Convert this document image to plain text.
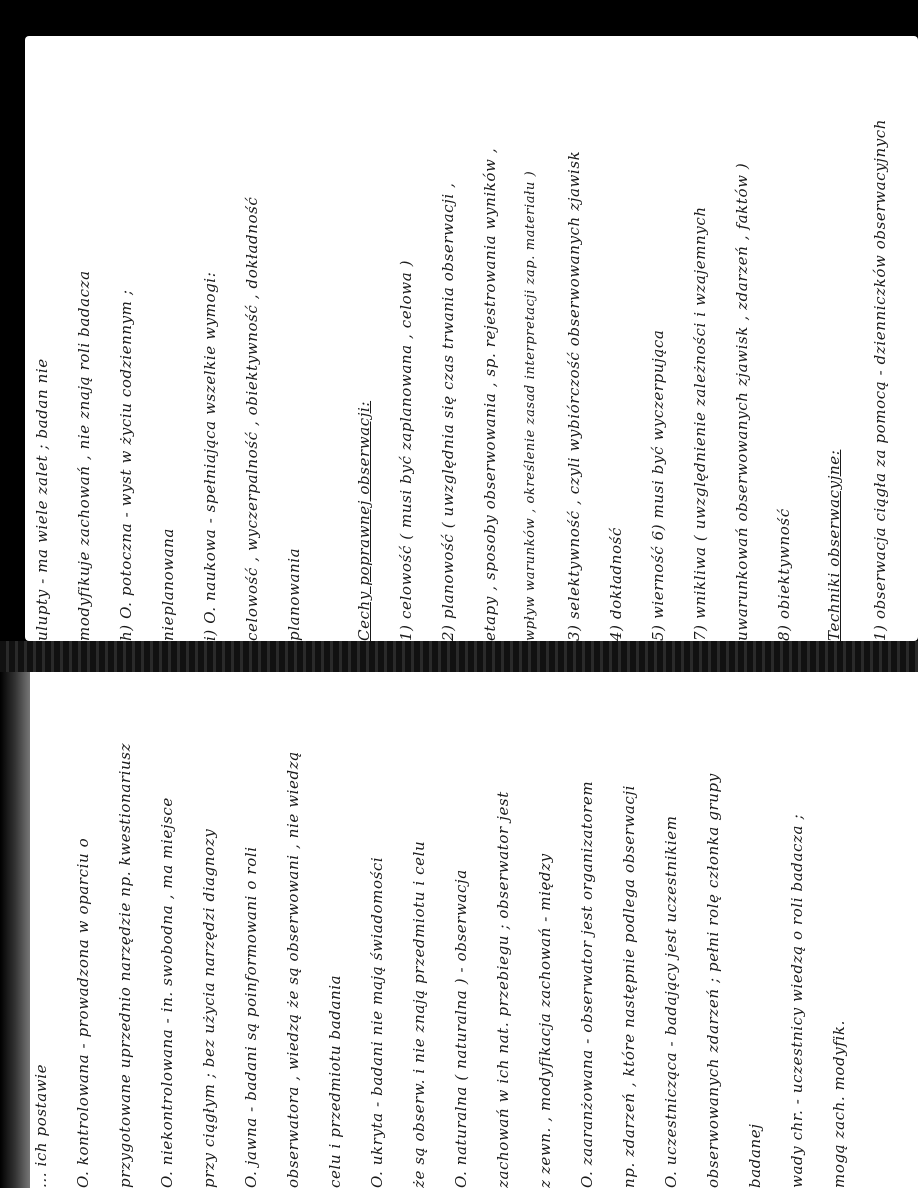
ulupty - ma wiele zalet ; badan nie modyfikuje zachowań , nie znają roli badacza h) O. potoczna - wyst w życiu codziennym ; nieplanowana i) O. naukowa - spełniająca wszelkie wymogi: celowość , wyczerpalność , obiektywność , dokładność planowania	Cechy poprawnej obserwacji: 1) celowość ( musi być zaplanowana , celowa ) 2) planowość ( uwzględnia się czas trwania obserwacji , etapy , sposoby obserwowania , sp. rejestrowania wyników , wpływ warunków , określenie zasad interpretacji zap. materiału ) 3) selektywność , czyli wybiórczość obserwowanych zjawisk 4) dokładność 5) wierność 6) musi być wyczerpująca 7) wnikliwa ( uwzględnienie zależności i wzajemnych uwarunkowań obserwowanych zjawisk , zdarzeń , faktów ) 8) obiektywność Techniki obserwacyjne: 1) obserwacja ciągła za pomocą - dzienniczków obserwacyjnych
... ich postawie O. kontrolowana - prowadzona w oparciu o przygotowane uprzednio narzędzie np. kwestionariusz O. niekontrolowana - in. swobodna , ma miejsce przy ciągłym ; bez użycia narzędzi diagnozy O. jawna - badani są poinformowani o roli obserwatora , wiedzą że są obserwowani , nie wiedzą celu i przedmiotu badania O. ukryta - badani nie mają świadomości że są obserw. i nie znają przedmiotu i celu O. naturalna ( naturalna ) - obserwacja zachowań w ich nat. przebiegu ; obserwator jest z zewn. , modyfikacja zachowań - między O. zaaranżowana - obserwator jest organizatorem np. zdarzeń , które następnie podlega obserwacji O. uczestnicząca - badający jest uczestnikiem obserwowanych zdarzeń ; pełni rolę członka grupy badanej wady chr. - uczestnicy wiedzą o roli badacza ; mogą zach. modyfik.
